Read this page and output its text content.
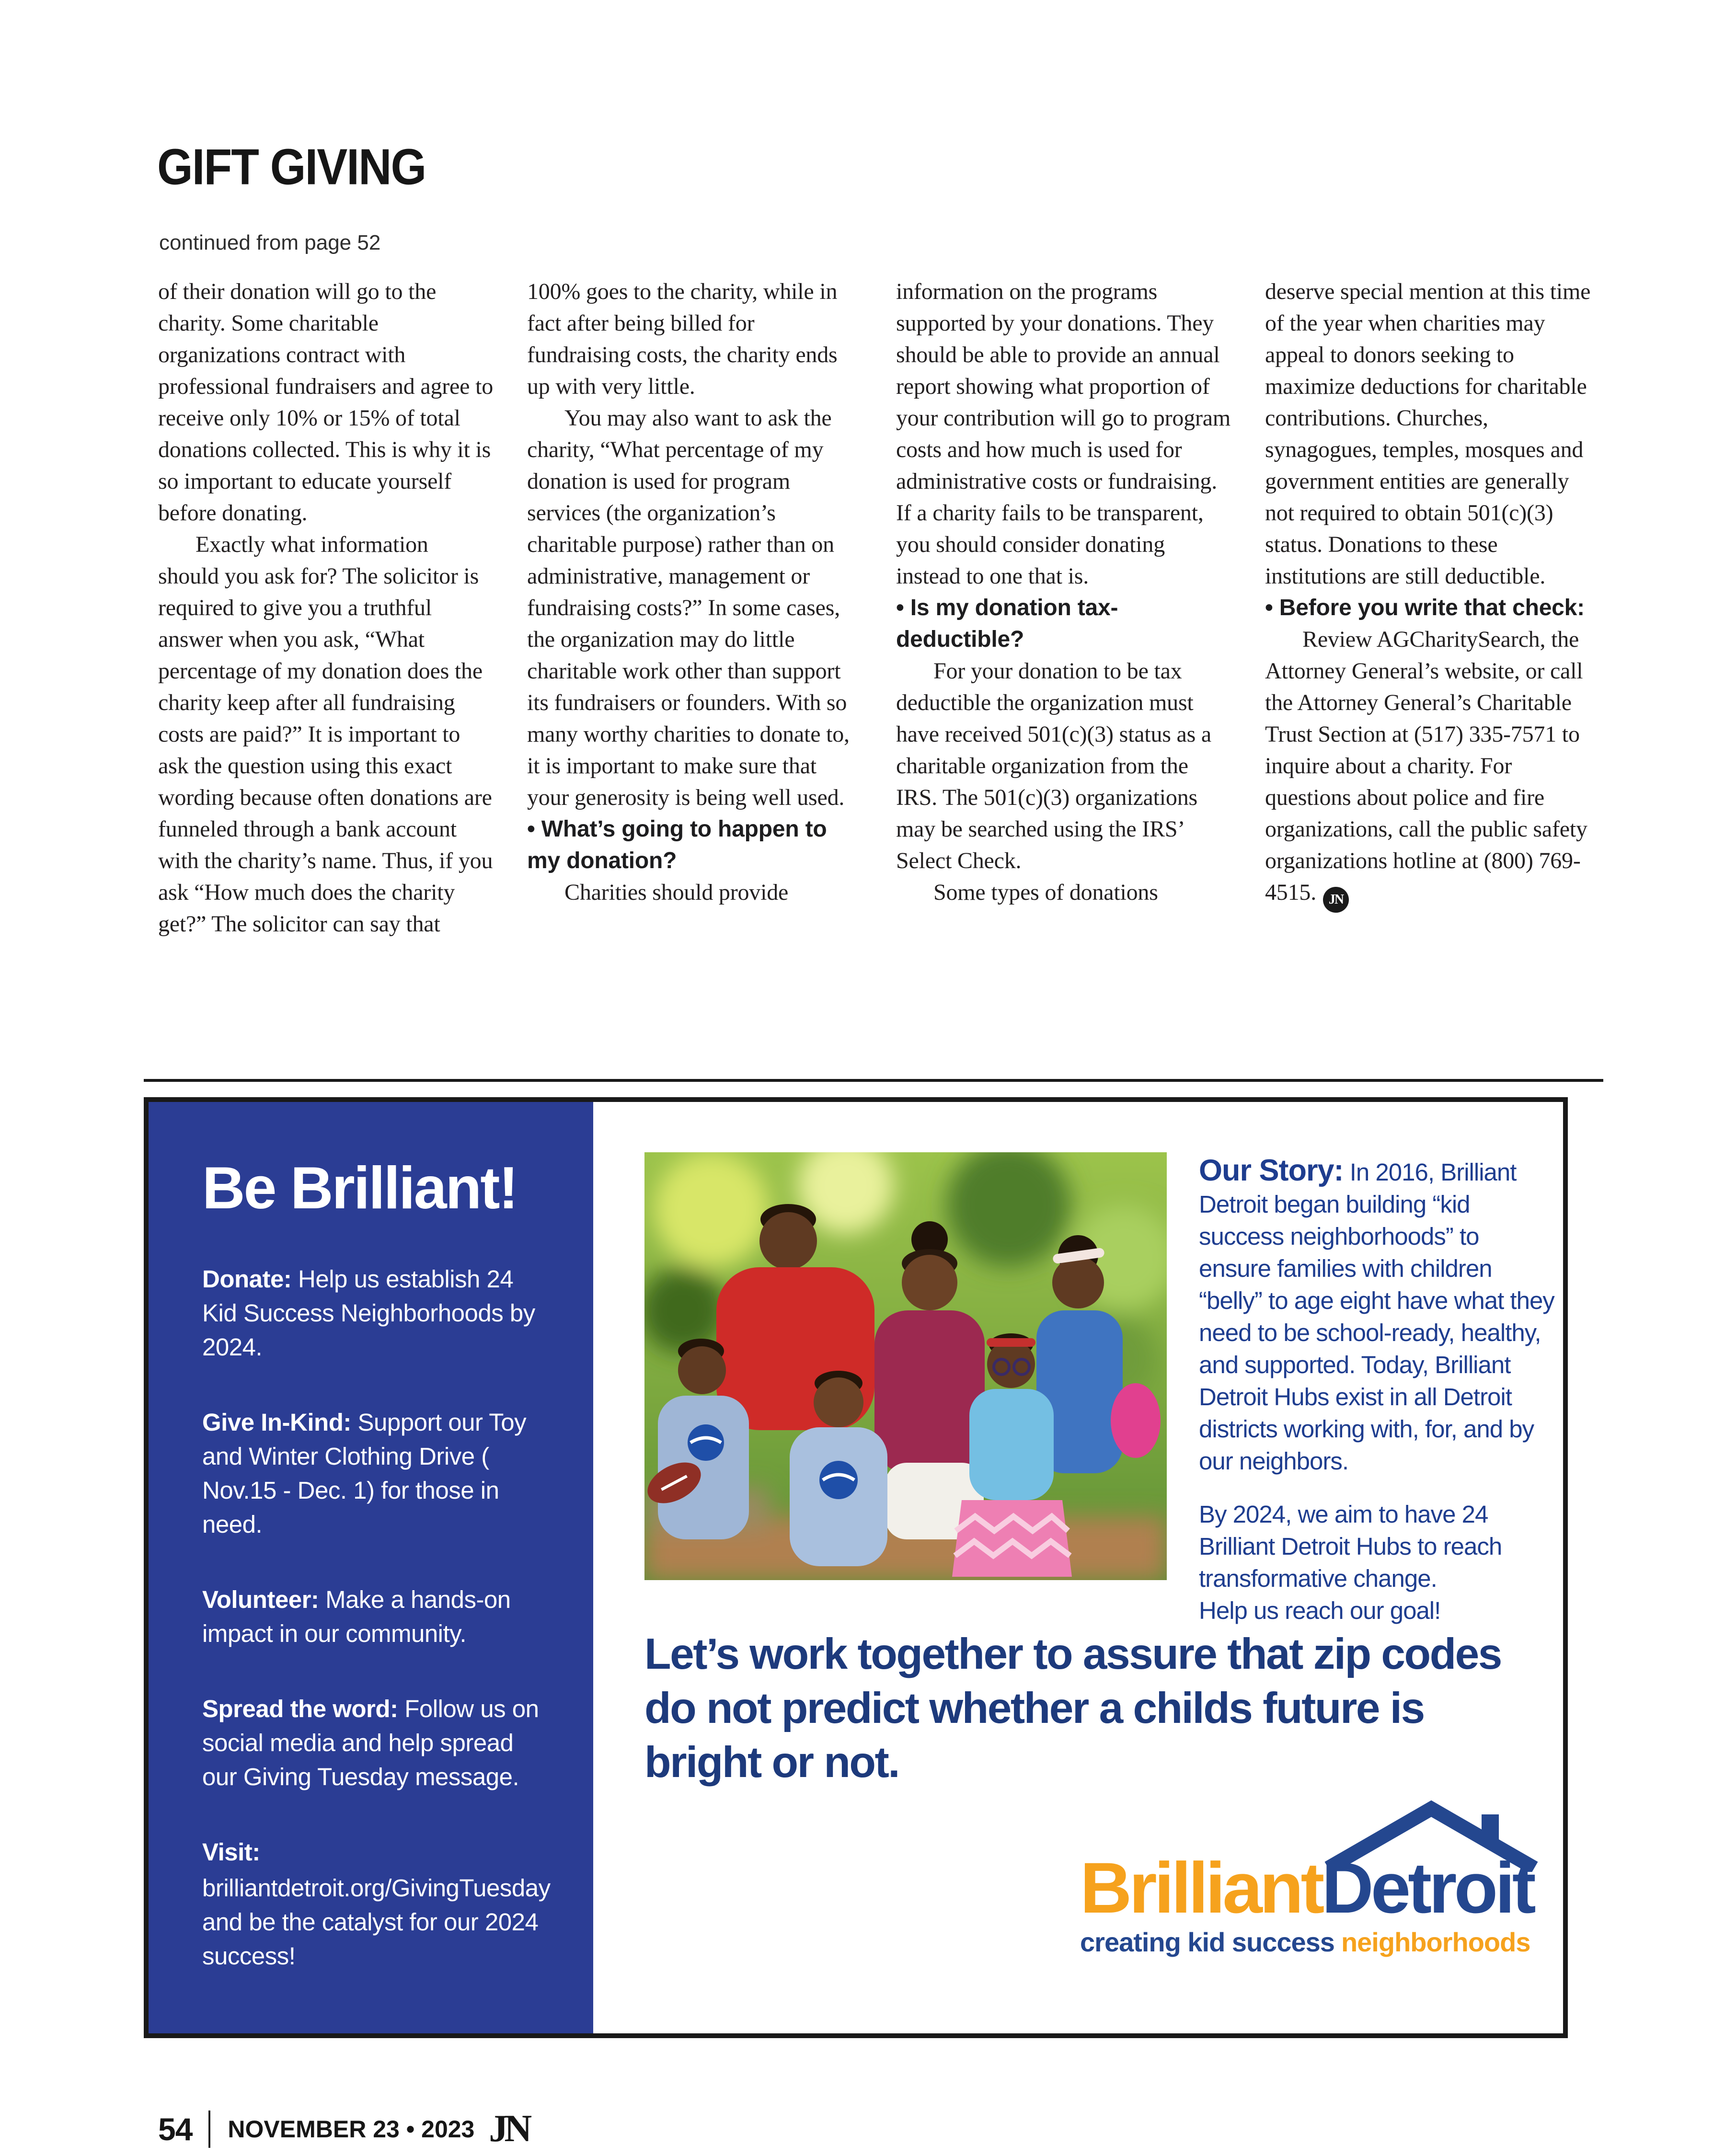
GIFT GIVING
continued from page 52

of their donation will go to the charity. Some charitable organizations contract with professional fundraisers and agree to receive only 10% or 15% of total donations collected. This is why it is so important to educate yourself before donating.

Exactly what information should you ask for? The solicitor is required to give you a truthful answer when you ask, “What percentage of my donation does the charity keep after all fundraising costs are paid?” It is important to ask the question using this exact wording because often donations are funneled through a bank account with the charity’s name. Thus, if you ask “How much does the charity get?” The solicitor can say that

100% goes to the charity, while in fact after being billed for fundraising costs, the charity ends up with very little.

You may also want to ask the charity, “What percentage of my donation is used for program services (the organization’s charitable purpose) rather than on administrative, management or fundraising costs?” In some cases, the organization may do little charitable work other than support its fundraisers or founders. With so many worthy charities to donate to, it is important to make sure that your generosity is being well used.

• What’s going to happen to my donation?

Charities should provide

information on the programs supported by your donations. They should be able to provide an annual report showing what proportion of your contribution will go to program costs and how much is used for administrative costs or fundraising. If a charity fails to be transparent, you should consider donating instead to one that is.

• Is my donation tax-deductible?

For your donation to be tax deductible the organization must have received 501(c)(3) status as a charitable organization from the IRS. The 501(c)(3) organizations may be searched using the IRS’ Select Check.

Some types of donations

deserve special mention at this time of the year when charities may appeal to donors seeking to maximize deductions for charitable contributions. Churches, synagogues, temples, mosques and government entities are generally not required to obtain 501(c)(3) status. Donations to these institutions are still deductible.

• Before you write that check:

Review AGCharitySearch, the Attorney General’s website, or call the Attorney General’s Charitable Trust Section at (517) 335-7571 to inquire about a charity. For questions about police and fire organizations, call the public safety organizations hotline at (800) 769-4515. JN

Be Brilliant!
Donate: Help us establish 24 Kid Success Neighborhoods by 2024.
Give In-Kind: Support our Toy and Winter Clothing Drive ( Nov.15 - Dec. 1) for those in need.
Volunteer: Make a hands-on impact in our community.
Spread the word: Follow us on social media and help spread our Giving Tuesday message.
Visit:
brilliantdetroit.org/GivingTuesday and be the catalyst for our 2024 success!

Our Story: In 2016, Brilliant Detroit began building “kid success neighborhoods” to ensure families with children “belly” to age eight have what they need to be school-ready, healthy, and supported. Today, Brilliant Detroit Hubs exist in all Detroit districts working with, for, and by our neighbors.

By 2024, we aim to have 24 Brilliant Detroit Hubs to reach transformative change.
Help us reach our goal!

Let’s work together to assure that zip codes do not predict whether a childs future is bright or not.
BrilliantDetroit
creating kid success neighborhoods
54 NOVEMBER 23 • 2023 JN
